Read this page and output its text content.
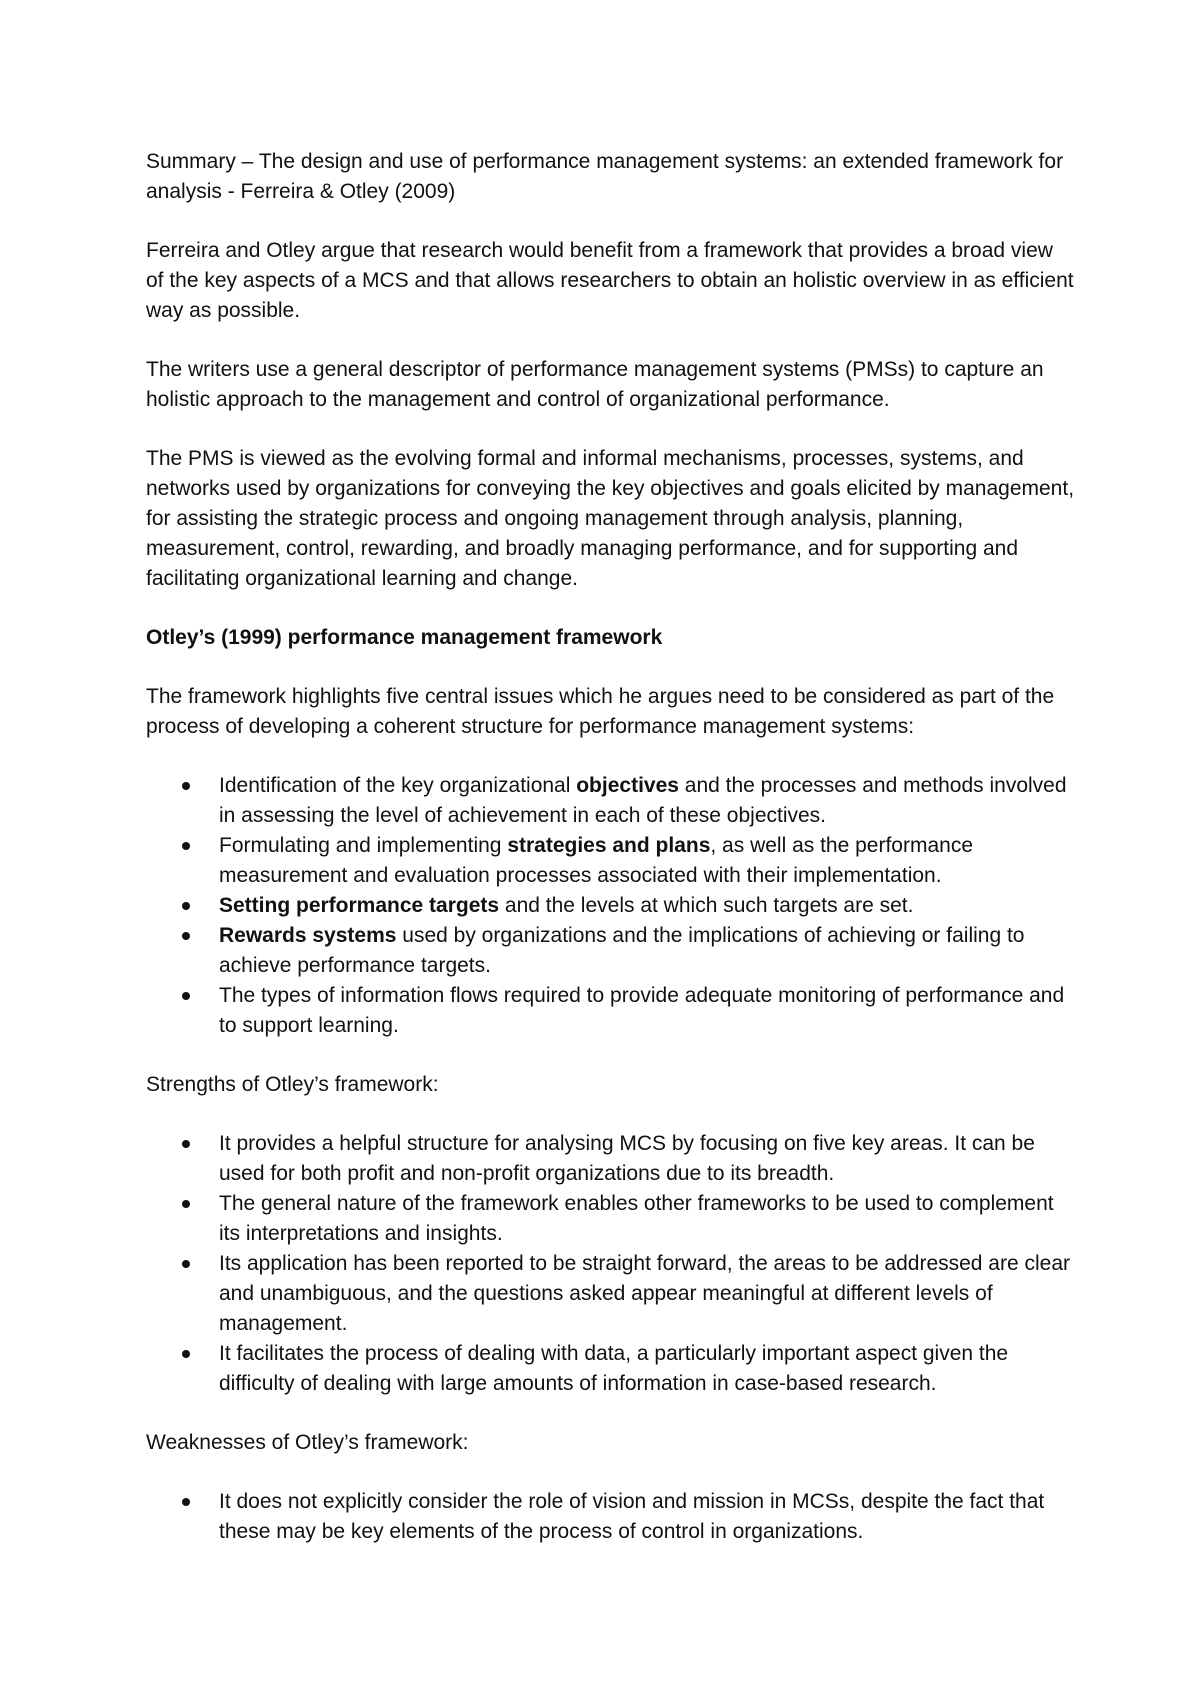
Summary – The design and use of performance management systems: an extended framework for analysis - Ferreira & Otley (2009)

Ferreira and Otley argue that research would benefit from a framework that provides a broad view of the key aspects of a MCS and that allows researchers to obtain an holistic overview in as efficient way as possible.

The writers use a general descriptor of performance management systems (PMSs) to capture an holistic approach to the management and control of organizational performance.

The PMS is viewed as the evolving formal and informal mechanisms, processes, systems, and networks used by organizations for conveying the key objectives and goals elicited by management, for assisting the strategic process and ongoing management through analysis, planning, measurement, control, rewarding, and broadly managing performance, and for supporting and facilitating organizational learning and change.

Otley’s (1999) performance management framework

The framework highlights five central issues which he argues need to be considered as part of the process of developing a coherent structure for performance management systems:

Identification of the key organizational objectives and the processes and methods involved in assessing the level of achievement in each of these objectives.
Formulating and implementing strategies and plans, as well as the performance measurement and evaluation processes associated with their implementation.
Setting performance targets and the levels at which such targets are set.
Rewards systems used by organizations and the implications of achieving or failing to achieve performance targets.
The types of information flows required to provide adequate monitoring of performance and to support learning.

Strengths of Otley’s framework:

It provides a helpful structure for analysing MCS by focusing on five key areas. It can be used for both profit and non-profit organizations due to its breadth.
The general nature of the framework enables other frameworks to be used to complement its interpretations and insights.
Its application has been reported to be straight forward, the areas to be addressed are clear and unambiguous, and the questions asked appear meaningful at different levels of management.
It facilitates the process of dealing with data, a particularly important aspect given the difficulty of dealing with large amounts of information in case-based research.

Weaknesses of Otley’s framework:

It does not explicitly consider the role of vision and mission in MCSs, despite the fact that these may be key elements of the process of control in organizations.
